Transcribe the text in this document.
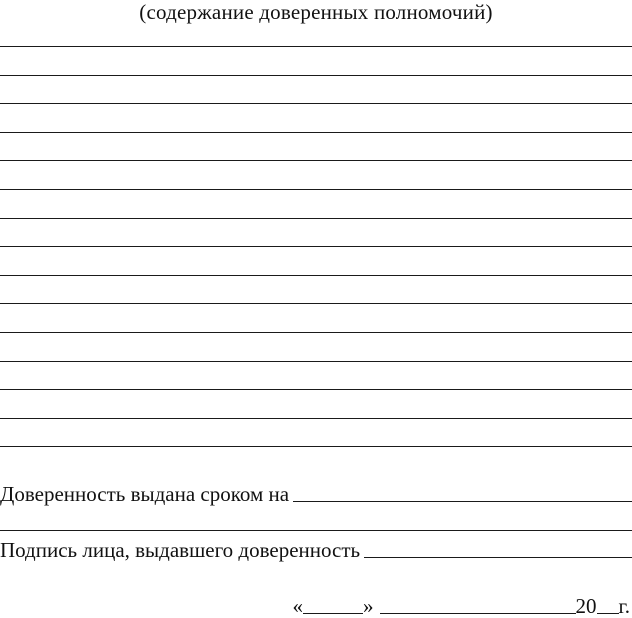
(содержание доверенных полномочий)
Доверенность выдана сроком на
Подпись лица, выдавшего доверенность
«	»	20 г.
